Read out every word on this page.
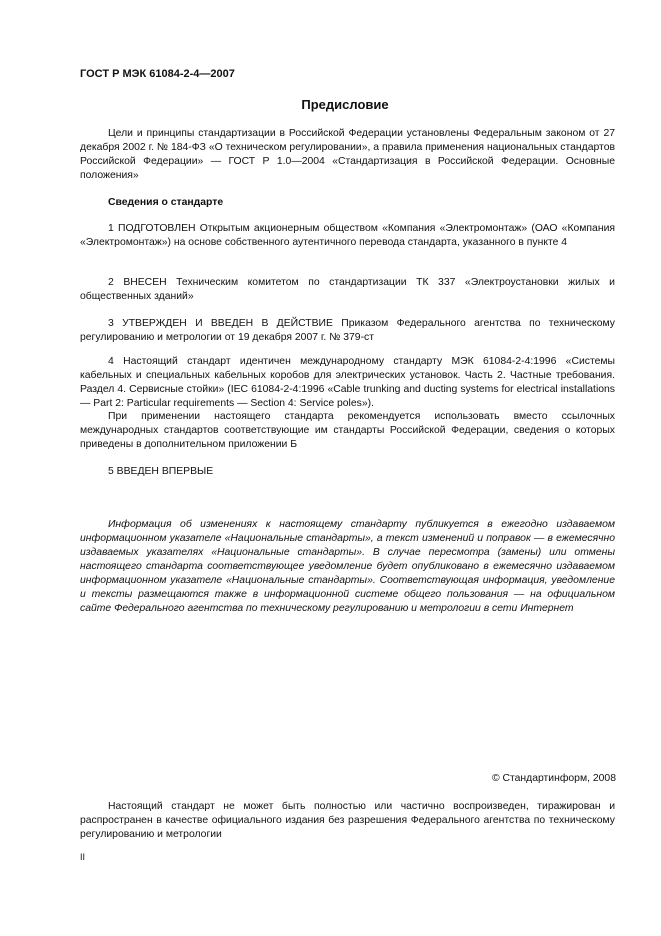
ГОСТ Р МЭК 61084-2-4—2007
Предисловие
Цели и принципы стандартизации в Российской Федерации установлены Федеральным законом от 27 декабря 2002 г. № 184-ФЗ «О техническом регулировании», а правила применения национальных стандартов Российской Федерации» — ГОСТ Р 1.0—2004 «Стандартизация в Российской Федерации. Основные положения»
Сведения о стандарте
1 ПОДГОТОВЛЕН Открытым акционерным обществом «Компания «Электромонтаж» (ОАО «Компания «Электромонтаж») на основе собственного аутентичного перевода стандарта, указанного в пункте 4
2 ВНЕСЕН Техническим комитетом по стандартизации ТК 337 «Электроустановки жилых и общественных зданий»
3 УТВЕРЖДЕН И ВВЕДЕН В ДЕЙСТВИЕ Приказом Федерального агентства по техническому регулированию и метрологии от 19 декабря 2007 г. № 379-ст
4 Настоящий стандарт идентичен международному стандарту МЭК 61084-2-4:1996 «Системы кабельных и специальных кабельных коробов для электрических установок. Часть 2. Частные требования. Раздел 4. Сервисные стойки» (IEC 61084-2-4:1996 «Cable trunking and ducting systems for electrical installations — Part 2: Particular requirements — Section 4: Service poles»).
При применении настоящего стандарта рекомендуется использовать вместо ссылочных международных стандартов соответствующие им стандарты Российской Федерации, сведения о которых приведены в дополнительном приложении Б
5 ВВЕДЕН ВПЕРВЫЕ
Информация об изменениях к настоящему стандарту публикуется в ежегодно издаваемом информационном указателе «Национальные стандарты», а текст изменений и поправок — в ежемесячно издаваемых указателях «Национальные стандарты». В случае пересмотра (замены) или отмены настоящего стандарта соответствующее уведомление будет опубликовано в ежемесячно издаваемом информационном указателе «Национальные стандарты». Соответствующая информация, уведомление и тексты размещаются также в информационной системе общего пользования — на официальном сайте Федерального агентства по техническому регулированию и метрологии в сети Интернет
© Стандартинформ, 2008
Настоящий стандарт не может быть полностью или частично воспроизведен, тиражирован и распространен в качестве официального издания без разрешения Федерального агентства по техническому регулированию и метрологии
II
